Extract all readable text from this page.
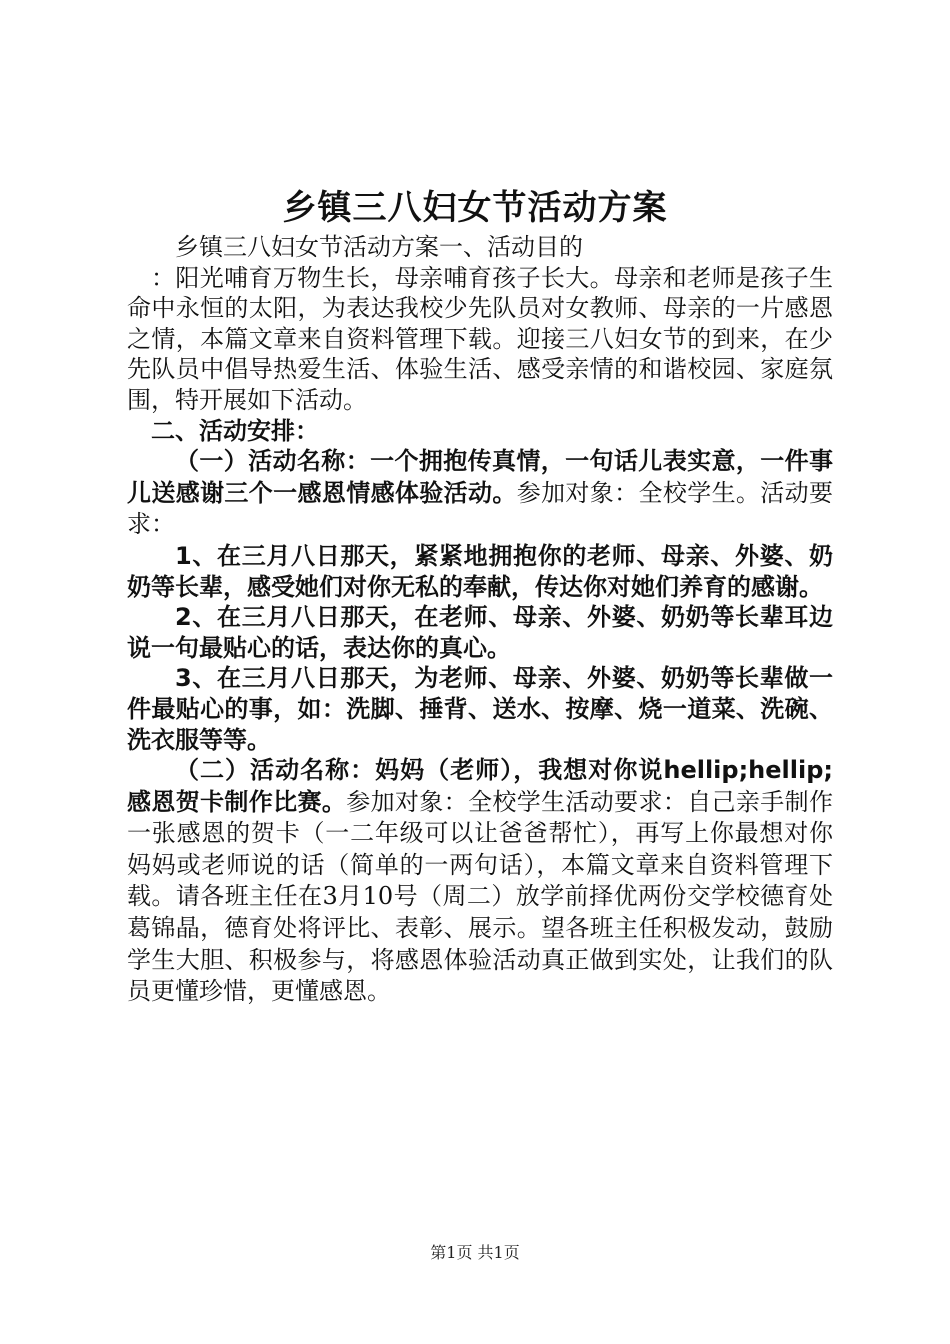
乡镇三八妇女节活动方案

乡镇三八妇女节活动方案一、活动目的

：阳光哺育万物生长，母亲哺育孩子长大。母亲和老师是孩子生命中永恒的太阳，为表达我校少先队员对女教师、母亲的一片感恩之情，本篇文章来自资料管理下载。迎接三八妇女节的到来，在少先队员中倡导热爱生活、体验生活、感受亲情的和谐校园、家庭氛围，特开展如下活动。

二、活动安排：

（一）活动名称：一个拥抱传真情，一句话儿表实意，一件事儿送感谢三个一感恩情感体验活动。参加对象：全校学生。活动要求：

1、在三月八日那天，紧紧地拥抱你的老师、母亲、外婆、奶奶等长辈，感受她们对你无私的奉献，传达你对她们养育的感谢。

2、在三月八日那天，在老师、母亲、外婆、奶奶等长辈耳边说一句最贴心的话，表达你的真心。

3、在三月八日那天，为老师、母亲、外婆、奶奶等长辈做一件最贴心的事，如：洗脚、捶背、送水、按摩、烧一道菜、洗碗、洗衣服等等。

（二）活动名称：妈妈（老师），我想对你说hellip;hellip;感恩贺卡制作比赛。参加对象：全校学生活动要求：自己亲手制作一张感恩的贺卡（一二年级可以让爸爸帮忙），再写上你最想对你妈妈或老师说的话（简单的一两句话），本篇文章来自资料管理下载。请各班主任在3月10号（周二）放学前择优两份交学校德育处葛锦晶，德育处将评比、表彰、展示。望各班主任积极发动，鼓励学生大胆、积极参与，将感恩体验活动真正做到实处，让我们的队员更懂珍惜，更懂感恩。

第1页 共1页
